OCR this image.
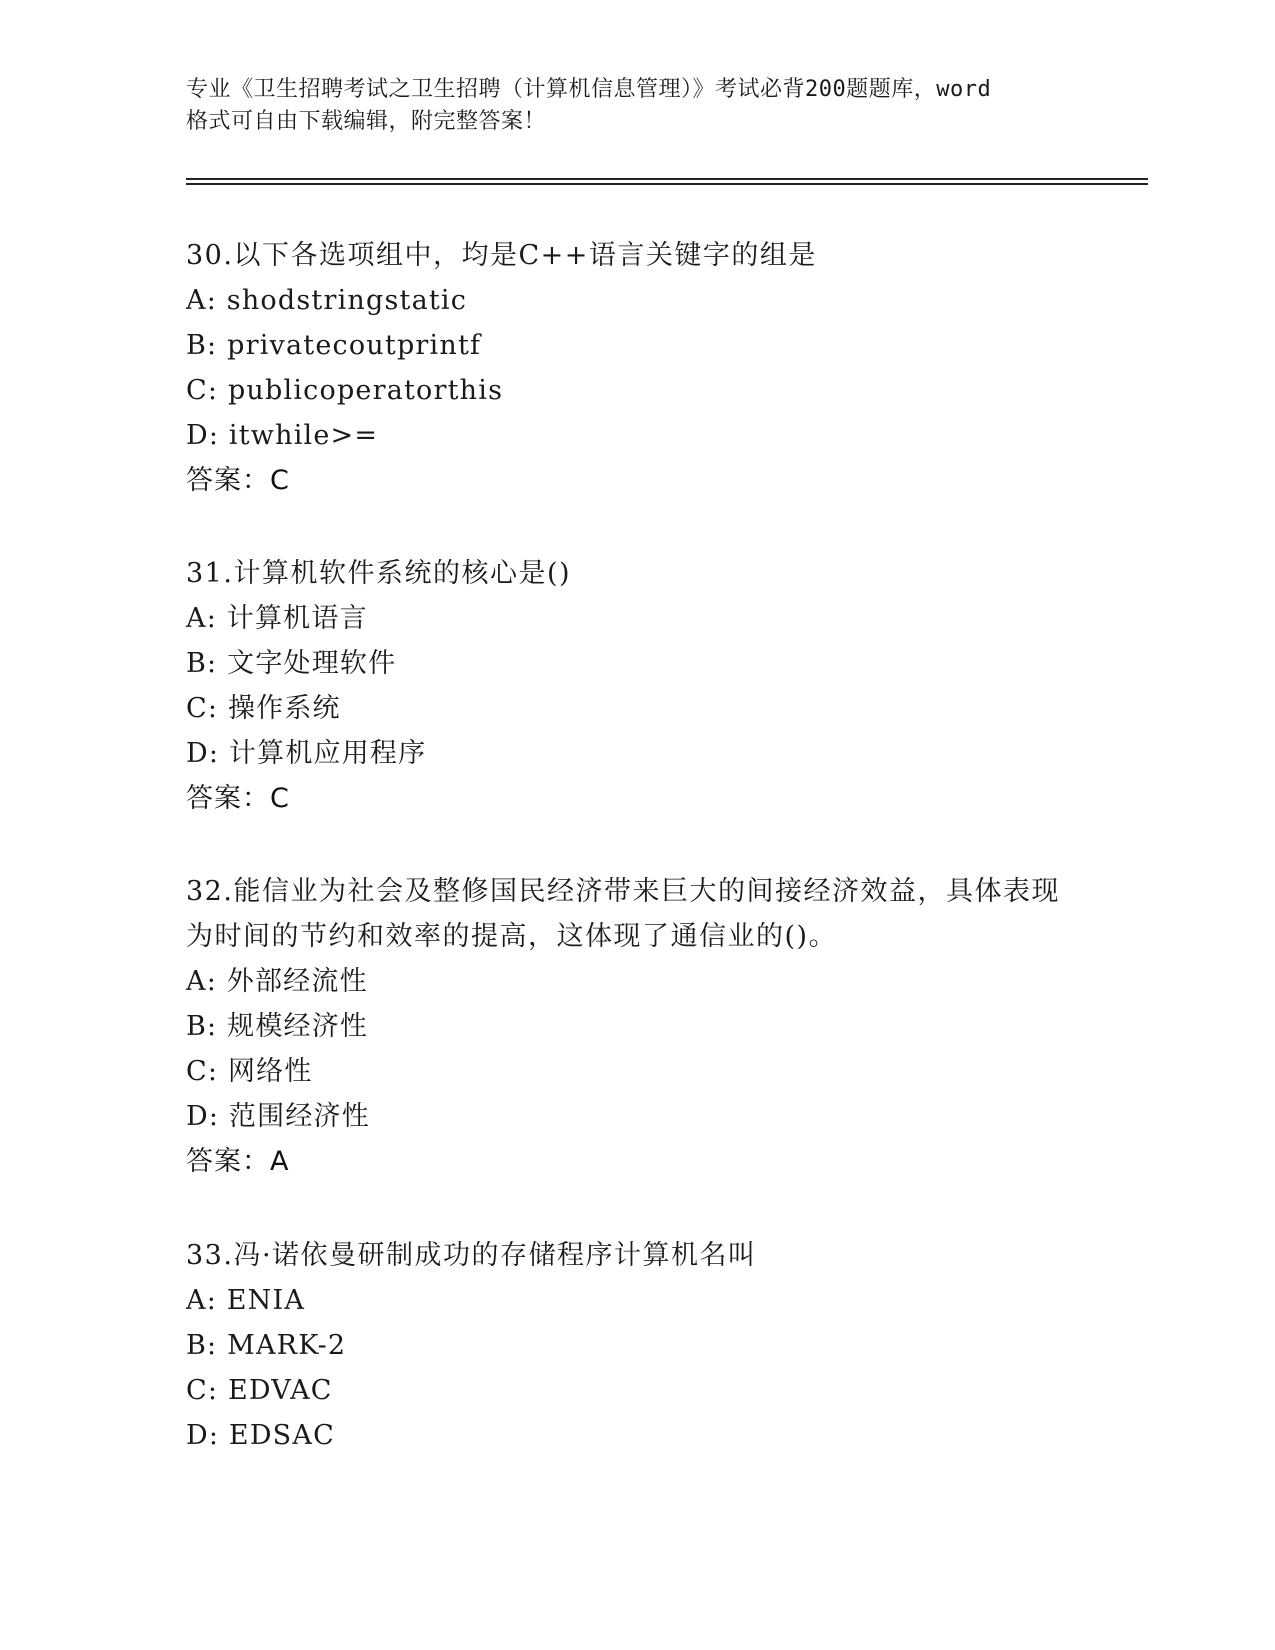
专业《卫生招聘考试之卫生招聘（计算机信息管理）》考试必背200题题库，word
格式可自由下载编辑，附完整答案！

30.以下各选项组中，均是C++语言关键字的组是

A: shodstringstatic

B: privatecoutprintf

C: publicoperatorthis

D: itwhile>=

答案：C

31.计算机软件系统的核心是()

A: 计算机语言

B: 文字处理软件

C: 操作系统

D: 计算机应用程序

答案：C

32.能信业为社会及整修国民经济带来巨大的间接经济效益，具体表现为时间的节约和效率的提高，这体现了通信业的()。

A: 外部经流性

B: 规模经济性

C: 网络性

D: 范围经济性

答案：A

33.冯·诺依曼研制成功的存储程序计算机名叫

A: ENIA

B: MARK-2

C: EDVAC

D: EDSAC
